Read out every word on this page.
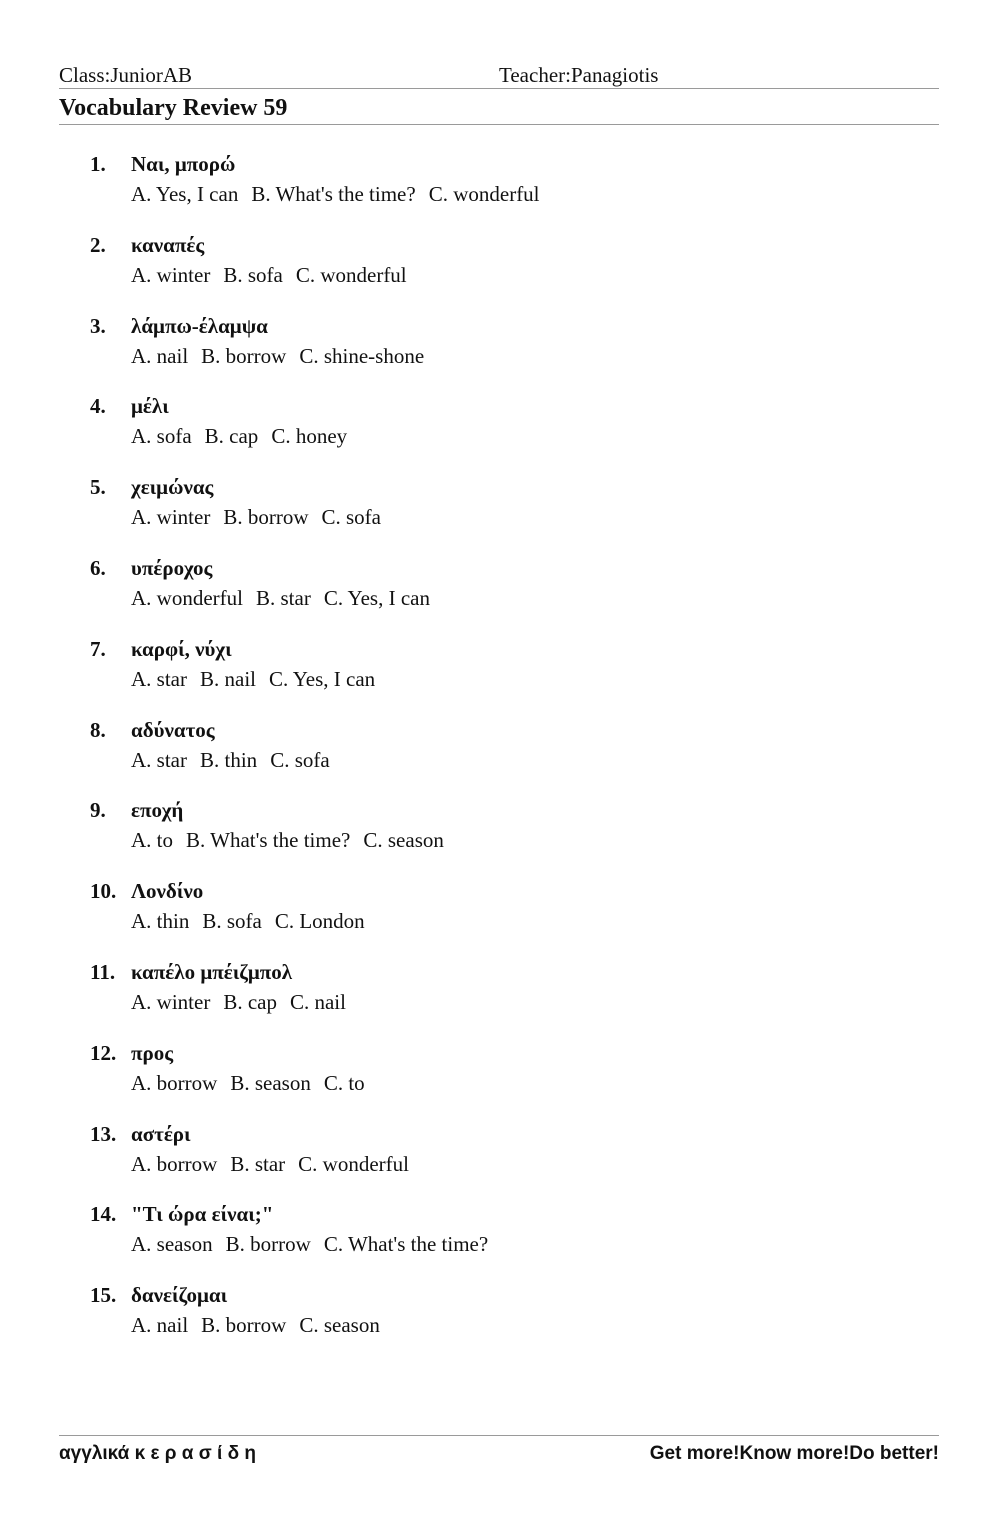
Class:JuniorAB	Teacher:Panagiotis
Vocabulary Review 59
1. Ναι, μπορώ
A. Yes, I can B. What's the time? C. wonderful
2. καναπές
A. winter B. sofa C. wonderful
3. λάμπω-έλαμψα
A. nail B. borrow C. shine-shone
4. μέλι
A. sofa B. cap C. honey
5. χειμώνας
A. winter B. borrow C. sofa
6. υπέροχος
A. wonderful B. star C. Yes, I can
7. καρφί, νύχι
A. star B. nail C. Yes, I can
8. αδύνατος
A. star B. thin C. sofa
9. εποχή
A. to B. What's the time? C. season
10. Λονδίνο
A. thin B. sofa C. London
11. καπέλο μπέιζμπολ
A. winter B. cap C. nail
12. προς
A. borrow B. season C. to
13. αστέρι
A. borrow B. star C. wonderful
14. "Τι ώρα είναι;"
A. season B. borrow C. What's the time?
15. δανείζομαι
A. nail B. borrow C. season
αγγλικά κ ε ρ α σ ί δ η	Get more!Know more!Do better!
